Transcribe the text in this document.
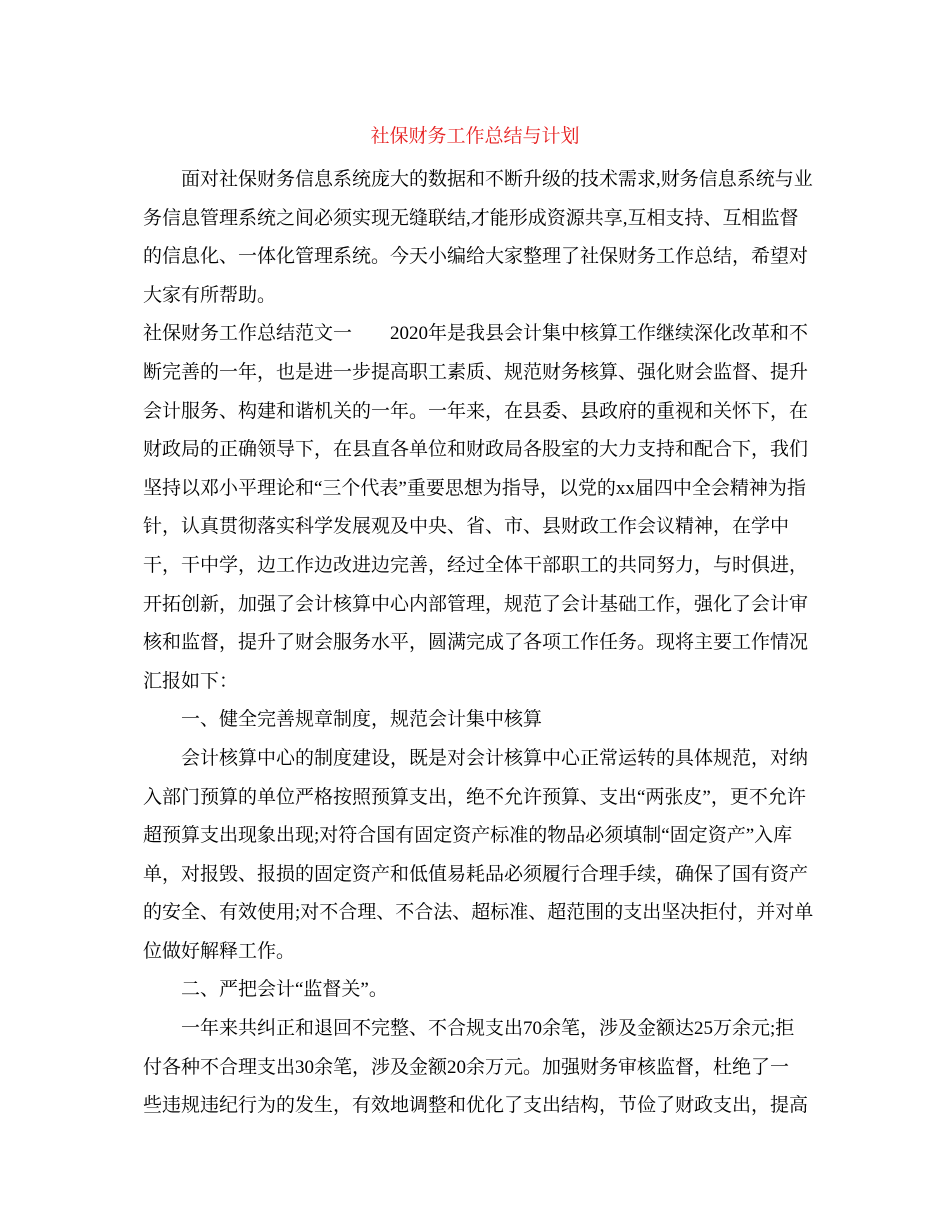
社保财务工作总结与计划
面对社保财务信息系统庞大的数据和不断升级的技术需求,财务信息系统与业
务信息管理系统之间必须实现无缝联结,才能形成资源共享,互相支持、互相监督
的信息化、一体化管理系统。今天小编给大家整理了社保财务工作总结，希望对
大家有所帮助。
社保财务工作总结范文一　　2020年是我县会计集中核算工作继续深化改革和不
断完善的一年，也是进一步提高职工素质、规范财务核算、强化财会监督、提升
会计服务、构建和谐机关的一年。一年来，在县委、县政府的重视和关怀下，在
财政局的正确领导下，在县直各单位和财政局各股室的大力支持和配合下，我们
坚持以邓小平理论和“三个代表”重要思想为指导，以党的xx届四中全会精神为指
针，认真贯彻落实科学发展观及中央、省、市、县财政工作会议精神，在学中
干，干中学，边工作边改进边完善，经过全体干部职工的共同努力，与时俱进，
开拓创新，加强了会计核算中心内部管理，规范了会计基础工作，强化了会计审
核和监督，提升了财会服务水平，圆满完成了各项工作任务。现将主要工作情况
汇报如下：
一、健全完善规章制度，规范会计集中核算
会计核算中心的制度建设，既是对会计核算中心正常运转的具体规范，对纳
入部门预算的单位严格按照预算支出，绝不允许预算、支出“两张皮”，更不允许
超预算支出现象出现;对符合国有固定资产标准的物品必须填制“固定资产”入库
单，对报毁、报损的固定资产和低值易耗品必须履行合理手续，确保了国有资产
的安全、有效使用;对不合理、不合法、超标准、超范围的支出坚决拒付，并对单
位做好解释工作。
二、严把会计“监督关”。
一年来共纠正和退回不完整、不合规支出70余笔，涉及金额达25万余元;拒
付各种不合理支出30余笔，涉及金额20余万元。加强财务审核监督，杜绝了一
些违规违纪行为的发生，有效地调整和优化了支出结构，节俭了财政支出，提高
